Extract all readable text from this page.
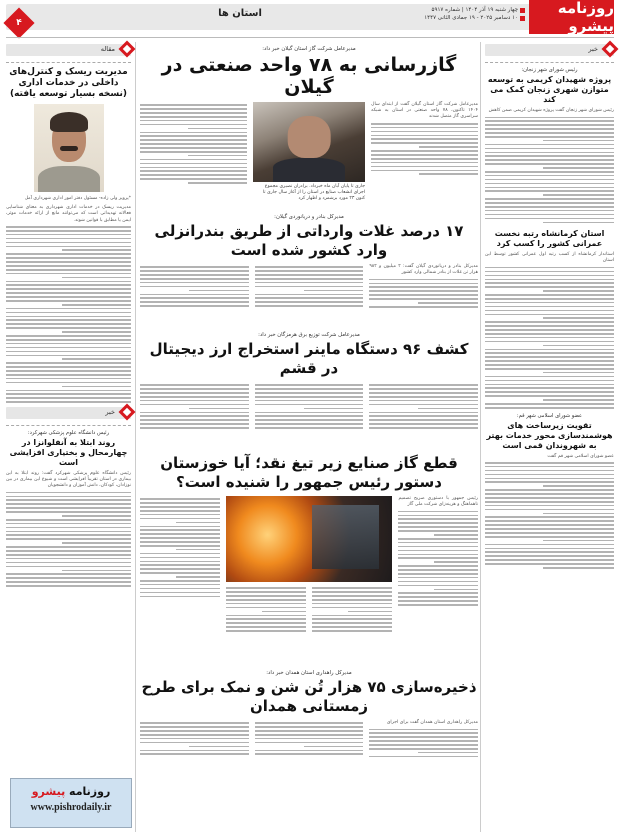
روزنامه پیشرو
چهار شنبه ۱۹ آذر ۱۴۰۴ | شماره ۵۹۱۷
۱۰ دسامبر ۲۰۲۵ - ۱۹ جمادی الثانی ۱۴۴۷
استان ها
۴
خبر
رئیس شورای شهر زنجان:
پروژه شهیدان کریمی به توسعه متوازن شهری زنجان کمک می کند
رئیس شورای شهر زنجان گفت پروژه شهیدان کریمی ضمن کاهش
استان کرمانشاه رتبه نخست عمرانی کشور را کسب کرد
استاندار کرمانشاه از کسب رتبه اول عمرانی کشور توسط این استان
عضو شورای اسلامی شهر قم:
تقویت زیرساخت های هوشمندسازی محور خدمات بهتر به شهروندان قمی است
عضو شورای اسلامی شهر قم گفت
مدیرعامل شرکت گاز استان گیلان خبر داد:
گازرسانی به ۷۸ واحد صنعتی در گیلان
مدیرعامل شرکت گاز استان گیلان گفت از ابتدای سال ۱۴۰۴ تاکنون، ۷۸ واحد صنعتی در استان به شبکه سراسری گاز متصل شدند
جاری تا پایان آبان ماه خبرداد. برادران نصیری مجموع اجرای انشعاب صنایع در استان را از آغاز سال جاری تا کنون ۲۳ مورد برشمرد و اظهار کرد
مدیرکل بنادر و دریانوردی گیلان:
۱۷ درصد غلات وارداتی از طریق بندرانزلی وارد کشور شده است
مدیرکل بنادر و دریانوردی گیلان گفت: ۲ میلیون و ۹۸۲ هزار تن غلات از بنادر شمالی وارد کشور
مدیرعامل شرکت توزیع برق هرمزگان خبر داد:
کشف ۹۶ دستگاه ماینر استخراج ارز دیجیتال در قشم
قطع گاز صنایع زیر تیغ نقد؛ آیا خوزستان دستور رئیس جمهور را شنیده است؟
رئیس جمهور با دستوری صریح تصمیم ناهماهنگ و هزینه‌زای شرکت ملی گاز
مدیرکل راهداری استان همدان خبر داد:
ذخیره‌سازی ۷۵ هزار تُن شن و نمک برای طرح زمستانی همدان
مدیرکل راهداری استان همدان گفت برای اجرای
مقاله
مدیریت ریسک و کنترل‌های داخلی در خدمات اداری (نسخه بسیار توسعه یافته)
*پرویز ولی زاده- مسئول دفتر امور اداری شهرداری آمل
مدیریت ریسک در خدمات اداری شهرداری به معنای شناسایی فعالانه تهدیداتی است که می‌توانند مانع از ارائه خدمات موثر، ایمن یا مطابق با قوانین شوند.
خبر
رئیس دانشگاه علوم پزشکی شهرکرد:
روند ابتلا به آنفلوانزا در چهارمحال و بختیاری افزایشی است
رئیس دانشگاه علوم پزشکی شهرکرد گفت: روند ابتلا به این بیماری در استان تقریباً افزایشی است و شیوع این بیماری در بین نوزادان، کودکان، دانش آموزان و دانشجویان
روزنامه پیشرو
www.pishrodaily.ir
